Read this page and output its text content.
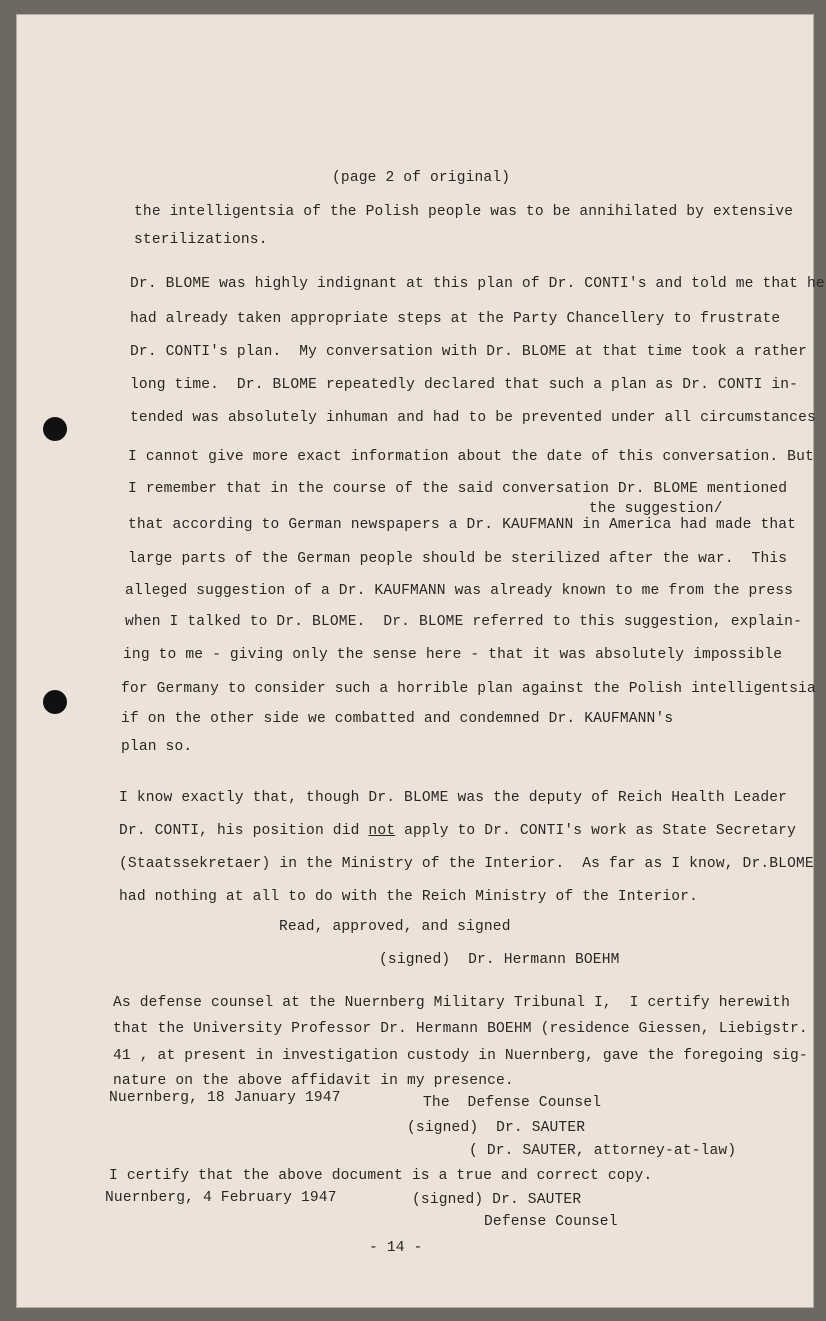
(page 2 of original)
the intelligentsia of the Polish people was to be annihilated by extensive
sterilizations.
Dr. BLOME was highly indignant at this plan of Dr. CONTI's and told me that he
had already taken appropriate steps at the Party Chancellery to frustrate
Dr. CONTI's plan.  My conversation with Dr. BLOME at that time took a rather
long time.  Dr. BLOME repeatedly declared that such a plan as Dr. CONTI in-
tended was absolutely inhuman and had to be prevented under all circumstances
I cannot give more exact information about the date of this conversation. But
I remember that in the course of the said conversation Dr. BLOME mentioned
the suggestion/
that according to German newspapers a Dr. KAUFMANN in America had made that
large parts of the German people should be sterilized after the war.  This
alleged suggestion of a Dr. KAUFMANN was already known to me from the press
when I talked to Dr. BLOME.  Dr. BLOME referred to this suggestion, explain-
ing to me - giving only the sense here - that it was absolutely impossible
for Germany to consider such a horrible plan against the Polish intelligentsia
if on the other side we combatted and condemned Dr. KAUFMANN's
plan so.
I know exactly that, though Dr. BLOME was the deputy of Reich Health Leader
Dr. CONTI, his position did not apply to Dr. CONTI's work as State Secretary
(Staatssekretaer) in the Ministry of the Interior.  As far as I know, Dr.BLOME
had nothing at all to do with the Reich Ministry of the Interior.
Read, approved, and signed
(signed)  Dr. Hermann BOEHM
As defense counsel at the Nuernberg Military Tribunal I,  I certify herewith
that the University Professor Dr. Hermann BOEHM (residence Giessen, Liebigstr.
41 , at present in investigation custody in Nuernberg, gave the foregoing sig-
nature on the above affidavit in my presence.
Nuernberg, 18 January 1947	The  Defense Counsel
(signed)  Dr. SAUTER
( Dr. SAUTER, attorney-at-law)
I certify that the above document is a true and correct copy.
Nuernberg, 4 February 1947	(signed) Dr. SAUTER
Defense Counsel
- 14 -
